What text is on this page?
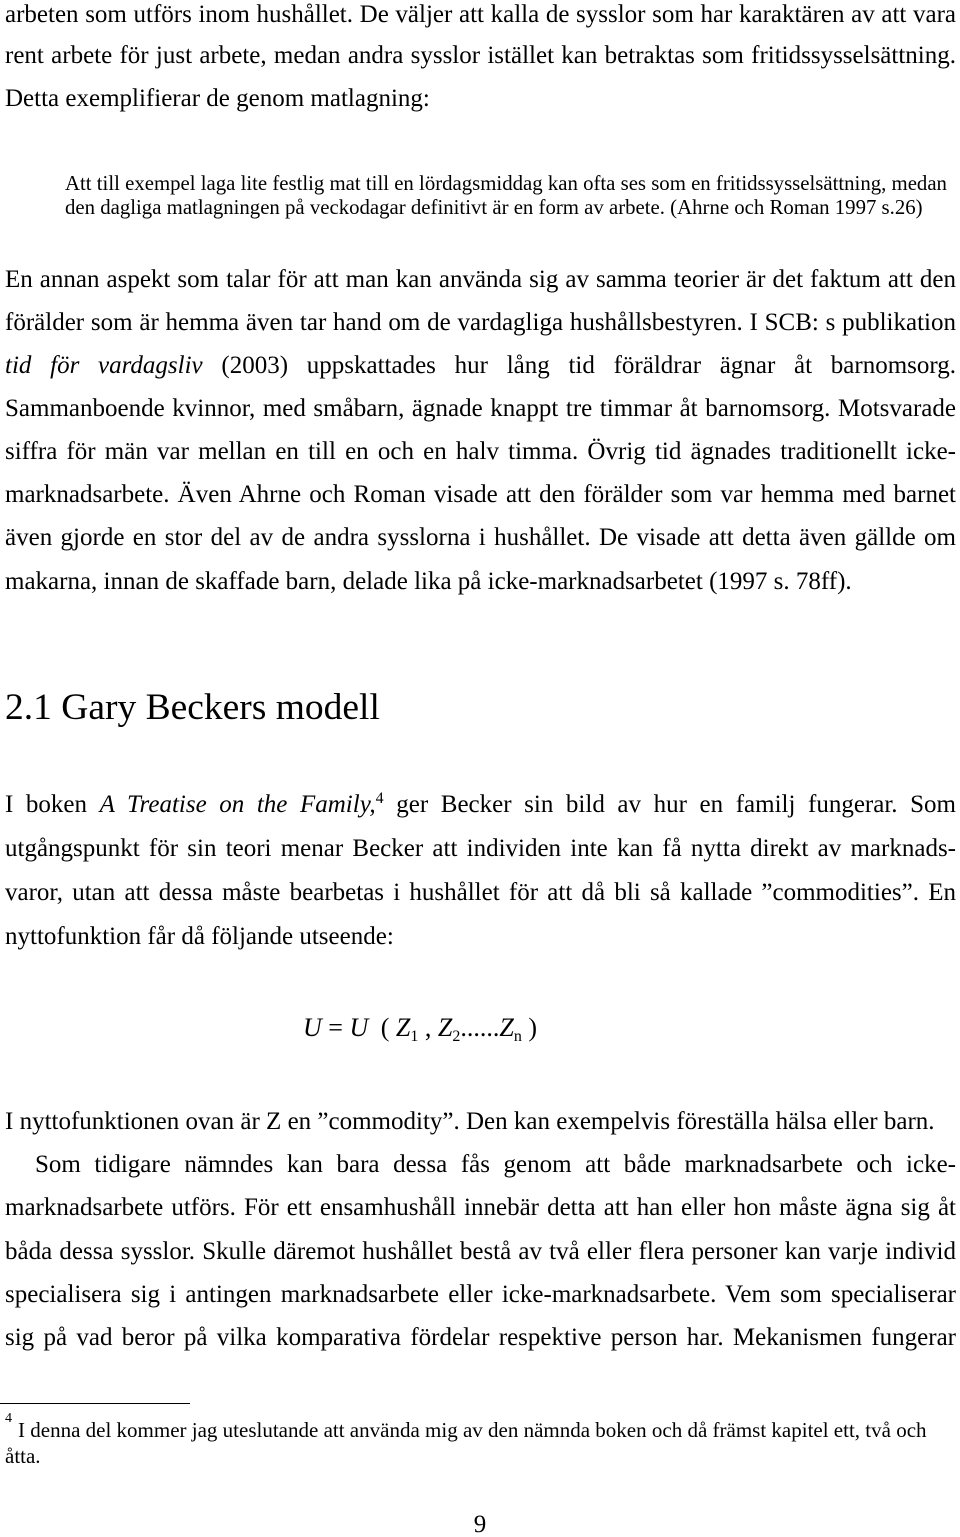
arbeten som utförs inom hushållet. De väljer att kalla de sysslor som har karaktären av att vara
rent arbete för just arbete, medan andra sysslor istället kan betraktas som fritidssysselsättning.
Detta exemplifierar de genom matlagning:
Att till exempel laga lite festlig mat till en lördagsmiddag kan ofta ses som en fritidssysselsättning, medan
den dagliga matlagningen på veckodagar definitivt är en form av arbete. (Ahrne och Roman 1997 s.26)
En annan aspekt som talar för att man kan använda sig av samma teorier är det faktum att den
förälder som är hemma även tar hand om de vardagliga hushållsbestyren. I SCB: s publikation
tid för vardagsliv (2003) uppskattades hur lång tid föräldrar ägnar åt barnomsorg.
Sammanboende kvinnor, med småbarn, ägnade knappt tre timmar åt barnomsorg. Motsvarade
siffra för män var mellan en till en och en halv timma. Övrig tid ägnades traditionellt icke-
marknadsarbete. Även Ahrne och Roman visade att den förälder som var hemma med barnet
även gjorde en stor del av de andra sysslorna i hushållet. De visade att detta även gällde om
makarna, innan de skaffade barn, delade lika på icke-marknadsarbetet (1997 s. 78ff).
2.1 Gary Beckers modell
I boken A Treatise on the Family,$^4$ ger Becker sin bild av hur en familj fungerar. Som
utgångspunkt för sin teori menar Becker att individen inte kan få nytta direkt av marknads-
varor, utan att dessa måste bearbetas i hushållet för att då bli så kallade ”commodities”. En
nyttofunktion får då följande utseende:
U = U ( $Z_1$ , $Z_2......Z_n$ )
I nyttofunktionen ovan är Z en ”commodity”. Den kan exempelvis föreställa hälsa eller barn.
Som tidigare nämndes kan bara dessa fås genom att både marknadsarbete och icke-
marknadsarbete utförs. För ett ensamhushåll innebär detta att han eller hon måste ägna sig åt
båda dessa sysslor. Skulle däremot hushållet bestå av två eller flera personer kan varje individ
specialisera sig i antingen marknadsarbete eller icke-marknadsarbete. Vem som specialiserar
sig på vad beror på vilka komparativa fördelar respektive person har. Mekanismen fungerar
4 I denna del kommer jag uteslutande att använda mig av den nämnda boken och då främst kapitel ett, två och
åtta.
9
